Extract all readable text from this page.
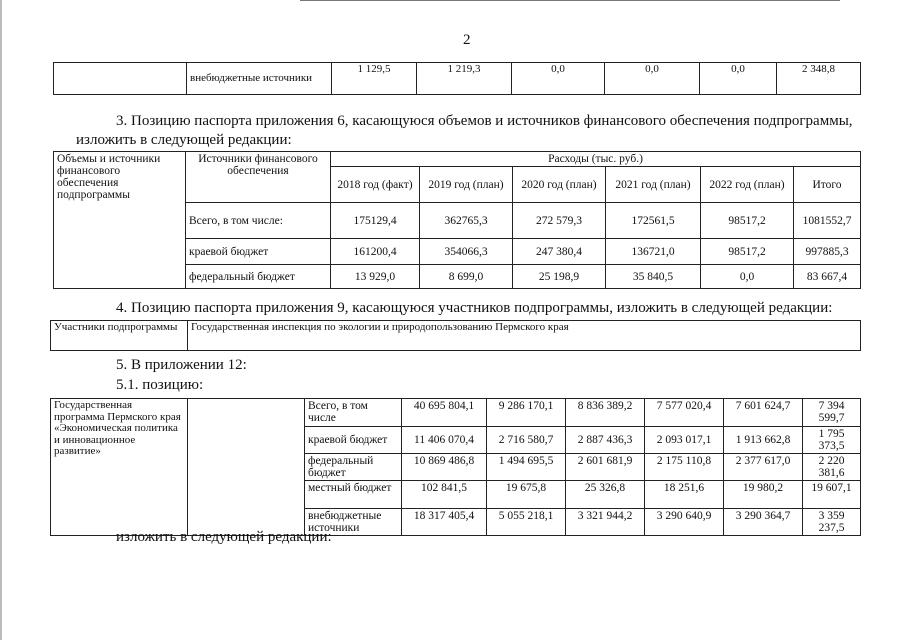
2
	внебюджетные источники	1 129,5	1 219,3	0,0	0,0	0,0	2 348,8

3. Позицию паспорта приложения 6, касающуюся объемов и источников финансового обеспечения подпрограммы, изложить в следующей редакции:

Объемы и источники финансового обеспечения подпрограммы	Источники финансового обеспечения	Расходы (тыс. руб.)					
		2018 год (факт)	2019 год (план)	2020 год (план)	2021 год (план)	2022 год (план)	Итого
	Всего, в том числе:	175129,4	362765,3	272 579,3	172561,5	98517,2	1081552,7
	краевой бюджет	161200,4	354066,3	247 380,4	136721,0	98517,2	997885,3
	федеральный бюджет	13 929,0	8 699,0	25 198,9	35 840,5	0,0	83 667,4

4. Позицию паспорта приложения 9, касающуюся участников подпрограммы, изложить в следующей редакции:

Участники подпрограммы	Государственная инспекция по экологии и природопользованию Пермского края

5. В приложении 12:

5.1. позицию:

Государственная программа Пермского края «Экономическая политика и инновационное развитие»		Всего, в том числе	40 695 804,1	9 286 170,1	8 836 389,2	7 577 020,4	7 601 624,7	7 394 599,7
		краевой бюджет	11 406 070,4	2 716 580,7	2 887 436,3	2 093 017,1	1 913 662,8	1 795 373,5
		федеральный бюджет	10 869 486,8	1 494 695,5	2 601 681,9	2 175 110,8	2 377 617,0	2 220 381,6
		местный бюджет	102 841,5	19 675,8	25 326,8	18 251,6	19 980,2	19 607,1
		внебюджетные источники	18 317 405,4	5 055 218,1	3 321 944,2	3 290 640,9	3 290 364,7	3 359 237,5

изложить в следующей редакции:
